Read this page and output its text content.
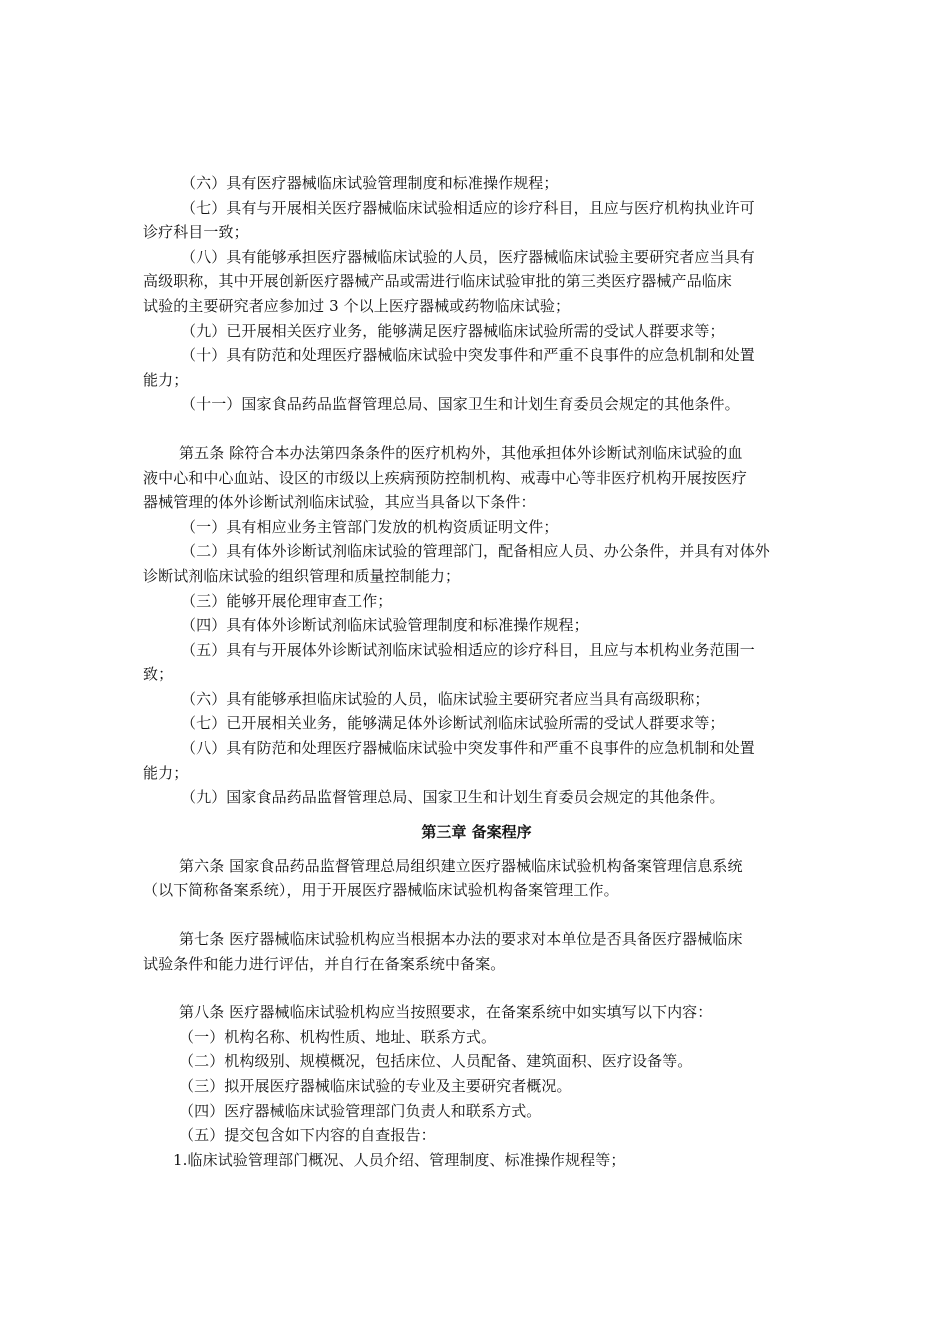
（六）具有医疗器械临床试验管理制度和标准操作规程；
（七）具有与开展相关医疗器械临床试验相适应的诊疗科目，且应与医疗机构执业许可
诊疗科目一致；
（八）具有能够承担医疗器械临床试验的人员，医疗器械临床试验主要研究者应当具有
高级职称，其中开展创新医疗器械产品或需进行临床试验审批的第三类医疗器械产品临床
试验的主要研究者应参加过 3 个以上医疗器械或药物临床试验；
（九）已开展相关医疗业务，能够满足医疗器械临床试验所需的受试人群要求等；
（十）具有防范和处理医疗器械临床试验中突发事件和严重不良事件的应急机制和处置
能力；
（十一）国家食品药品监督管理总局、国家卫生和计划生育委员会规定的其他条件。
第五条 除符合本办法第四条条件的医疗机构外，其他承担体外诊断试剂临床试验的血
液中心和中心血站、设区的市级以上疾病预防控制机构、戒毒中心等非医疗机构开展按医疗
器械管理的体外诊断试剂临床试验，其应当具备以下条件：
（一）具有相应业务主管部门发放的机构资质证明文件；
（二）具有体外诊断试剂临床试验的管理部门，配备相应人员、办公条件，并具有对体外
诊断试剂临床试验的组织管理和质量控制能力；
（三）能够开展伦理审查工作；
（四）具有体外诊断试剂临床试验管理制度和标准操作规程；
（五）具有与开展体外诊断试剂临床试验相适应的诊疗科目，且应与本机构业务范围一
致；
（六）具有能够承担临床试验的人员，临床试验主要研究者应当具有高级职称；
（七）已开展相关业务，能够满足体外诊断试剂临床试验所需的受试人群要求等；
（八）具有防范和处理医疗器械临床试验中突发事件和严重不良事件的应急机制和处置
能力；
（九）国家食品药品监督管理总局、国家卫生和计划生育委员会规定的其他条件。
第三章 备案程序
第六条 国家食品药品监督管理总局组织建立医疗器械临床试验机构备案管理信息系统
（以下简称备案系统），用于开展医疗器械临床试验机构备案管理工作。
第七条 医疗器械临床试验机构应当根据本办法的要求对本单位是否具备医疗器械临床
试验条件和能力进行评估，并自行在备案系统中备案。
第八条 医疗器械临床试验机构应当按照要求，在备案系统中如实填写以下内容：
（一）机构名称、机构性质、地址、联系方式。
（二）机构级别、规模概况，包括床位、人员配备、建筑面积、医疗设备等。
（三）拟开展医疗器械临床试验的专业及主要研究者概况。
（四）医疗器械临床试验管理部门负责人和联系方式。
（五）提交包含如下内容的自查报告：
1.临床试验管理部门概况、人员介绍、管理制度、标准操作规程等；
